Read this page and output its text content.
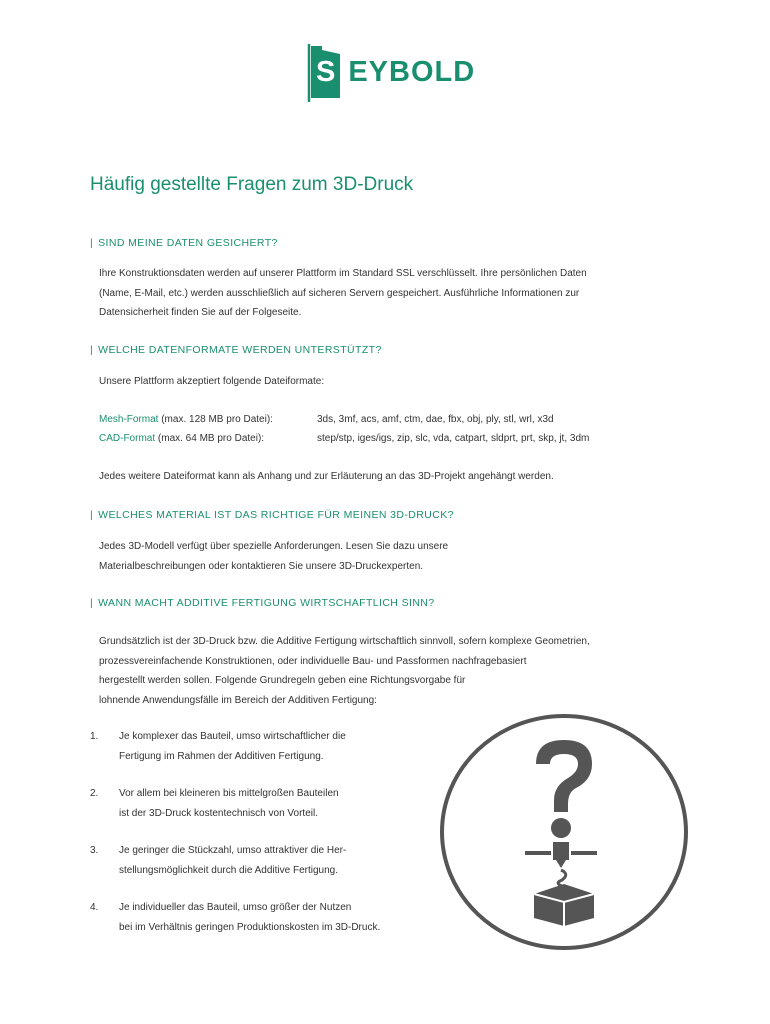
S EYBOLD
Häufig gestellte Fragen zum 3D-Druck
| SIND MEINE DATEN GESICHERT?
Ihre Konstruktionsdaten werden auf unserer Plattform im Standard SSL verschlüsselt. Ihre persönlichen Daten
(Name, E-Mail, etc.) werden ausschließlich auf sicheren Servern gespeichert. Ausführliche Informationen zur
Datensicherheit finden Sie auf der Folgeseite.
| WELCHE DATENFORMATE WERDEN UNTERSTÜTZT?
Unsere Plattform akzeptiert folgende Dateiformate:
Mesh-Format (max. 128 MB pro Datei):	3ds, 3mf, acs, amf, ctm, dae, fbx, obj, ply, stl, wrl, x3d
CAD-Format (max. 64 MB pro Datei):	step/stp, iges/igs, zip, slc, vda, catpart, sldprt, prt, skp, jt, 3dm
Jedes weitere Dateiformat kann als Anhang und zur Erläuterung an das 3D-Projekt angehängt werden.
| WELCHES MATERIAL IST DAS RICHTIGE FÜR MEINEN 3D-DRUCK?
Jedes 3D-Modell verfügt über spezielle Anforderungen. Lesen Sie dazu unsere
Materialbeschreibungen oder kontaktieren Sie unsere 3D-Druckexperten.
| WANN MACHT ADDITIVE FERTIGUNG WIRTSCHAFTLICH SINN?
Grundsätzlich ist der 3D-Druck bzw. die Additive Fertigung wirtschaftlich sinnvoll, sofern komplexe Geometrien,
prozessvereinfachende Konstruktionen, oder individuelle Bau- und Passformen nachfragebasiert
hergestellt werden sollen. Folgende Grundregeln geben eine Richtungsvorgabe für
lohnende Anwendungsfälle im Bereich der Additiven Fertigung:
1. Je komplexer das Bauteil, umso wirtschaftlicher die
Fertigung im Rahmen der Additiven Fertigung.
2. Vor allem bei kleineren bis mittelgroßen Bauteilen
ist der 3D-Druck kostentechnisch von Vorteil.
3. Je geringer die Stückzahl, umso attraktiver die Her-
stellungsmöglichkeit durch die Additive Fertigung.
4. Je individueller das Bauteil, umso größer der Nutzen
bei im Verhältnis geringen Produktionskosten im 3D-Druck.
